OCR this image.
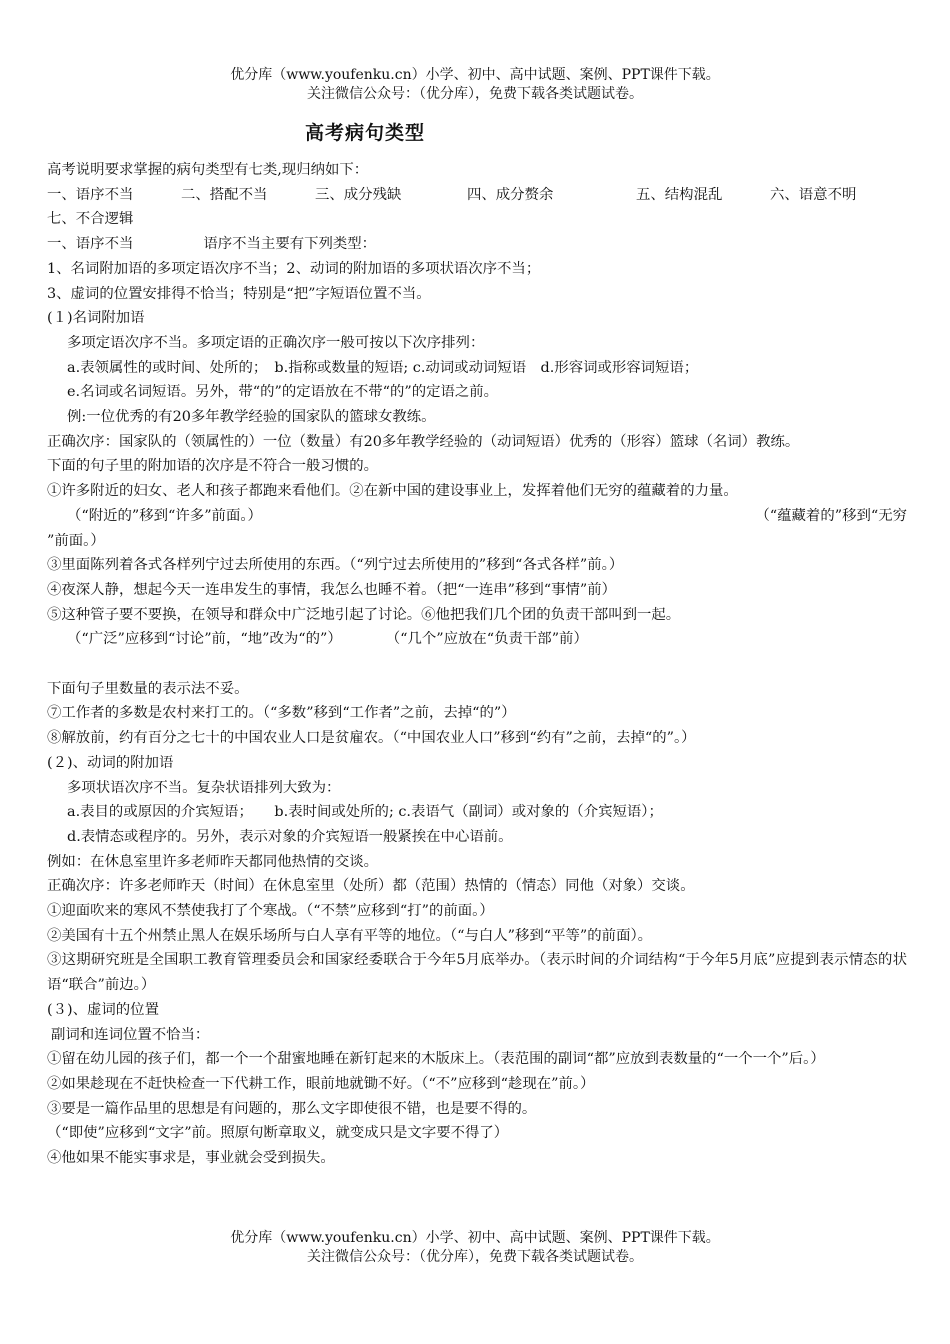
优分库（www.youfenku.cn）小学、初中、高中试题、案例、PPT课件下载。
关注微信公众号：（优分库），免费下载各类试题试卷。
高考病句类型

高考说明要求掌握的病句类型有七类,现归纳如下：

一、语序不当	二、搭配不当	三、成分残缺	四、成分赘余	五、结构混乱	六、语意不明

七、不合逻辑

一、语序不当	语序不当主要有下列类型：

1、名词附加语的多项定语次序不当；2、动词的附加语的多项状语次序不当；

3、虚词的位置安排得不恰当；特别是“把”字短语位置不当。

(１)名词附加语

多项定语次序不当。多项定语的正确次序一般可按以下次序排列：

a.表领属性的或时间、处所的；　b.指称或数量的短语; c.动词或动词短语　d.形容词或形容词短语；

e.名词或名词短语。另外，带“的”的定语放在不带“的”的定语之前。

例:一位优秀的有20多年教学经验的国家队的篮球女教练。

正确次序：国家队的（领属性的）一位（数量）有20多年教学经验的（动词短语）优秀的（形容）篮球（名词）教练。

下面的句子里的附加语的次序是不符合一般习惯的。

①许多附近的妇女、老人和孩子都跑来看他们。②在新中国的建设事业上，发挥着他们无穷的蕴藏着的力量。

（“附近的”移到“许多”前面。）	（“蕴藏着的”移到“无穷

”前面。）

③里面陈列着各式各样列宁过去所使用的东西。（“列宁过去所使用的”移到“各式各样”前。）

④夜深人静，想起今天一连串发生的事情，我怎么也睡不着。（把“一连串”移到“事情”前）

⑤这种管子要不要换，在领导和群众中广泛地引起了讨论。⑥他把我们几个团的负责干部叫到一起。

（“广泛”应移到“讨论”前，“地”改为“的”）	（“几个”应放在“负责干部”前）

下面句子里数量的表示法不妥。

⑦工作者的多数是农村来打工的。（“多数”移到“工作者”之前，去掉“的”）

⑧解放前，约有百分之七十的中国农业人口是贫雇农。（“中国农业人口”移到“约有”之前，去掉“的”。）

(２)、动词的附加语

多项状语次序不当。复杂状语排列大致为：

a.表目的或原因的介宾短语；　　b.表时间或处所的; c.表语气（副词）或对象的（介宾短语）；

d.表情态或程序的。另外，表示对象的介宾短语一般紧挨在中心语前。

例如：在休息室里许多老师昨天都同他热情的交谈。

正确次序：许多老师昨天（时间）在休息室里（处所）都（范围）热情的（情态）同他（对象）交谈。

①迎面吹来的寒风不禁使我打了个寒战。（“不禁”应移到“打”的前面。）

②美国有十五个州禁止黑人在娱乐场所与白人享有平等的地位。（“与白人”移到“平等”的前面）。

③这期研究班是全国职工教育管理委员会和国家经委联合于今年5月底举办。（表示时间的介词结构“于今年5月底”应提到表示情态的状语“联合”前边。）

(３)、虚词的位置

副词和连词位置不恰当：

①留在幼儿园的孩子们，都一个一个甜蜜地睡在新钉起来的木版床上。（表范围的副词“都”应放到表数量的“一个一个”后。）

②如果趁现在不赶快检查一下代耕工作，眼前地就锄不好。（“不”应移到“趁现在”前。）

③要是一篇作品里的思想是有问题的，那么文字即使很不错，也是要不得的。

（“即使”应移到“文字”前。照原句断章取义，就变成只是文字要不得了）

④他如果不能实事求是，事业就会受到损失。

优分库（www.youfenku.cn）小学、初中、高中试题、案例、PPT课件下载。
关注微信公众号：（优分库），免费下载各类试题试卷。
